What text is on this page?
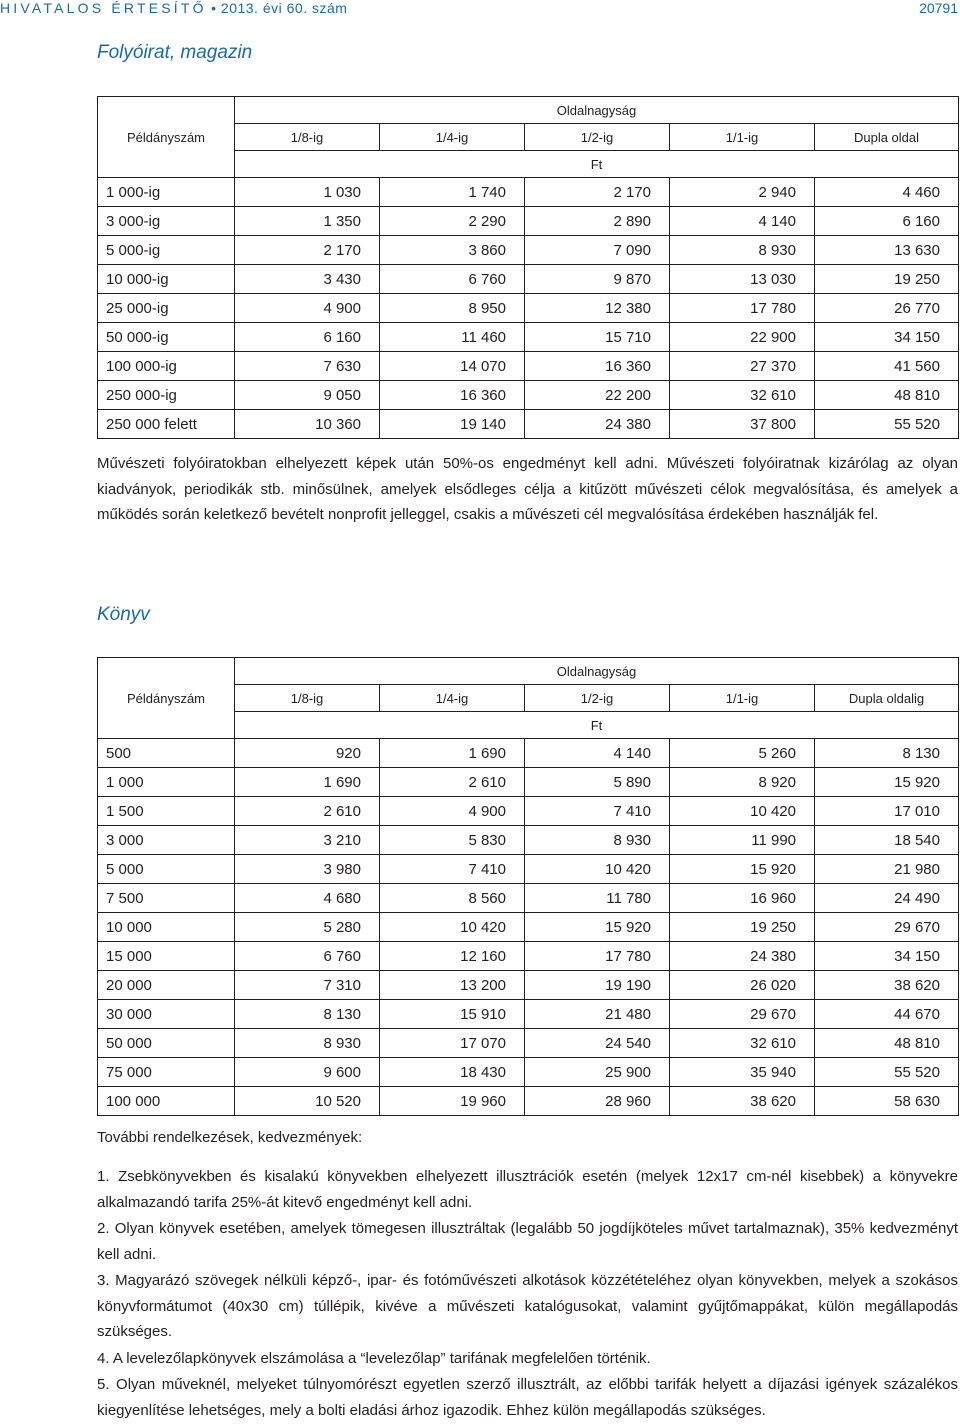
HIVATALOS ÉRTESÍTŐ • 2013. évi 60. szám	20791
Folyóirat, magazin
Példányszám	Oldalnagyság				
	1/8-ig	1/4-ig	1/2-ig	1/1-ig	Dupla oldal
	Ft				
1 000-ig	1 030	1 740	2 170	2 940	4 460
3 000-ig	1 350	2 290	2 890	4 140	6 160
5 000-ig	2 170	3 860	7 090	8 930	13 630
10 000-ig	3 430	6 760	9 870	13 030	19 250
25 000-ig	4 900	8 950	12 380	17 780	26 770
50 000-ig	6 160	11 460	15 710	22 900	34 150
100 000-ig	7 630	14 070	16 360	27 370	41 560
250 000-ig	9 050	16 360	22 200	32 610	48 810
250 000 felett	10 360	19 140	24 380	37 800	55 520
Művészeti folyóiratokban elhelyezett képek után 50%-os engedményt kell adni. Művészeti folyóiratnak kizárólag az olyan kiadványok, periodikák stb. minősülnek, amelyek elsődleges célja a kitűzött művészeti célok megvalósítása, és amelyek a működés során keletkező bevételt nonprofit jelleggel, csakis a művészeti cél megvalósítása érdekében használják fel.
Könyv
Példányszám	Oldalnagyság				
	1/8-ig	1/4-ig	1/2-ig	1/1-ig	Dupla oldalig
	Ft				
500	920	1 690	4 140	5 260	8 130
1 000	1 690	2 610	5 890	8 920	15 920
1 500	2 610	4 900	7 410	10 420	17 010
3 000	3 210	5 830	8 930	11 990	18 540
5 000	3 980	7 410	10 420	15 920	21 980
7 500	4 680	8 560	11 780	16 960	24 490
10 000	5 280	10 420	15 920	19 250	29 670
15 000	6 760	12 160	17 780	24 380	34 150
20 000	7 310	13 200	19 190	26 020	38 620
30 000	8 130	15 910	21 480	29 670	44 670
50 000	8 930	17 070	24 540	32 610	48 810
75 000	9 600	18 430	25 900	35 940	55 520
100 000	10 520	19 960	28 960	38 620	58 630
További rendelkezések, kedvezmények:

1. Zsebkönyvekben és kisalakú könyvekben elhelyezett illusztrációk esetén (melyek 12x17 cm-nél kisebbek) a könyvekre alkalmazandó tarifa 25%-át kitevő engedményt kell adni.

2. Olyan könyvek esetében, amelyek tömegesen illusztráltak (legalább 50 jogdíjköteles művet tartalmaznak), 35% kedvezményt kell adni.

3. Magyarázó szövegek nélküli képző-, ipar- és fotóművészeti alkotások közzétételéhez olyan könyvekben, melyek a szokásos könyvformátumot (40x30 cm) túllépik, kivéve a művészeti katalógusokat, valamint gyűjtőmappákat, külön megállapodás szükséges.

4. A levelezőlapkönyvek elszámolása a “levelezőlap” tarifának megfelelően történik.

5. Olyan műveknél, melyeket túlnyomórészt egyetlen szerző illusztrált, az előbbi tarifák helyett a díjazási igények százalékos kiegyenlítése lehetséges, mely a bolti eladási árhoz igazodik. Ehhez külön megállapodás szükséges.
